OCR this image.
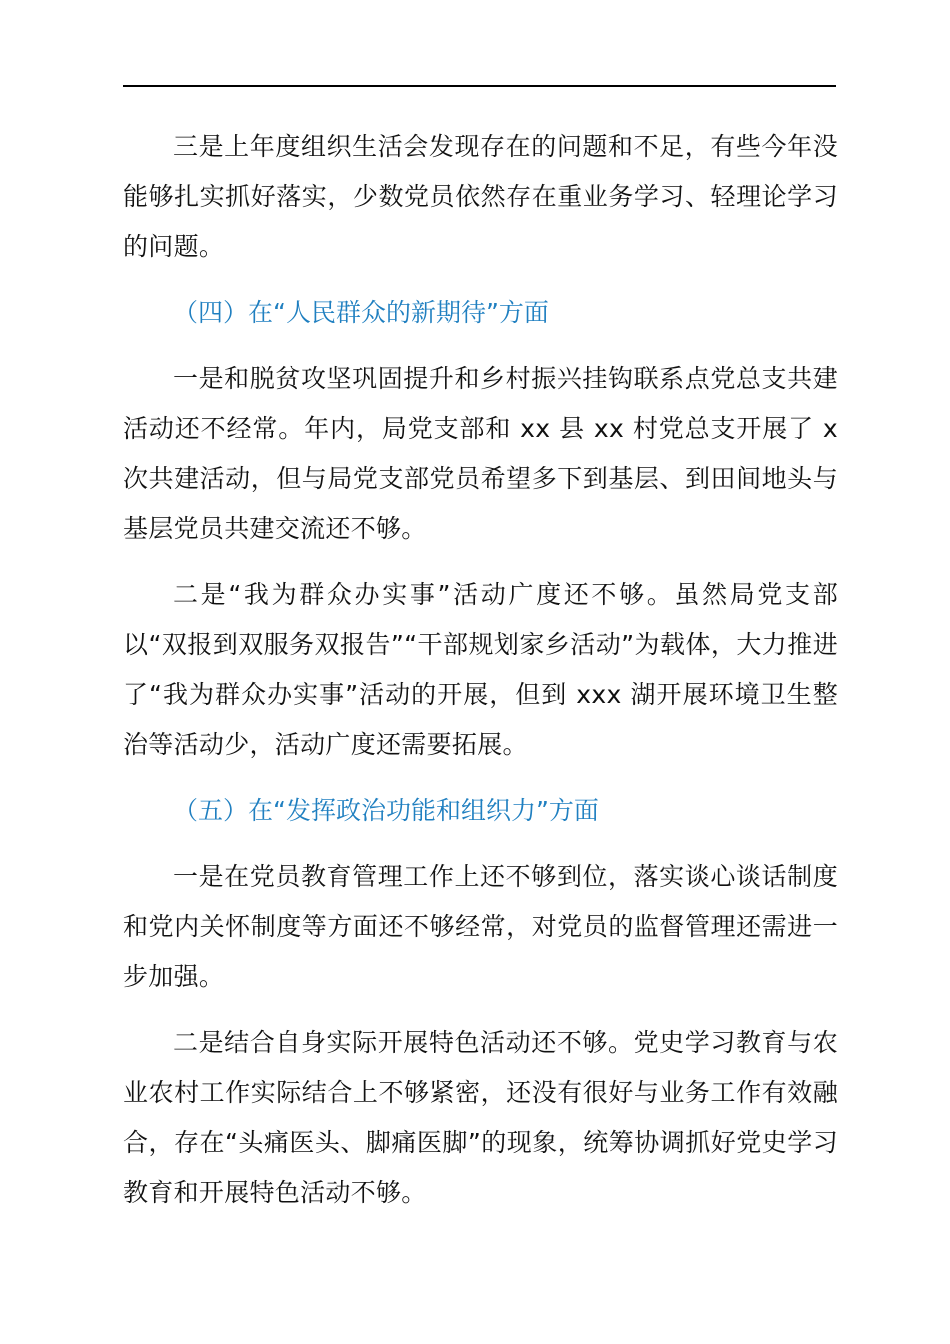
三是上年度组织生活会发现存在的问题和不足，有些今年没能够扎实抓好落实，少数党员依然存在重业务学习、轻理论学习的问题。

（四）在“人民群众的新期待”方面

一是和脱贫攻坚巩固提升和乡村振兴挂钩联系点党总支共建活动还不经常。年内，局党支部和 xx 县 xx 村党总支开展了 x 次共建活动，但与局党支部党员希望多下到基层、到田间地头与基层党员共建交流还不够。

二是“我为群众办实事”活动广度还不够。虽然局党支部以“双报到双服务双报告”“干部规划家乡活动”为载体，大力推进了“我为群众办实事”活动的开展，但到 xxx 湖开展环境卫生整治等活动少，活动广度还需要拓展。

（五）在“发挥政治功能和组织力”方面

一是在党员教育管理工作上还不够到位，落实谈心谈话制度和党内关怀制度等方面还不够经常，对党员的监督管理还需进一步加强。

二是结合自身实际开展特色活动还不够。党史学习教育与农业农村工作实际结合上不够紧密，还没有很好与业务工作有效融合，存在“头痛医头、脚痛医脚”的现象，统筹协调抓好党史学习教育和开展特色活动不够。
